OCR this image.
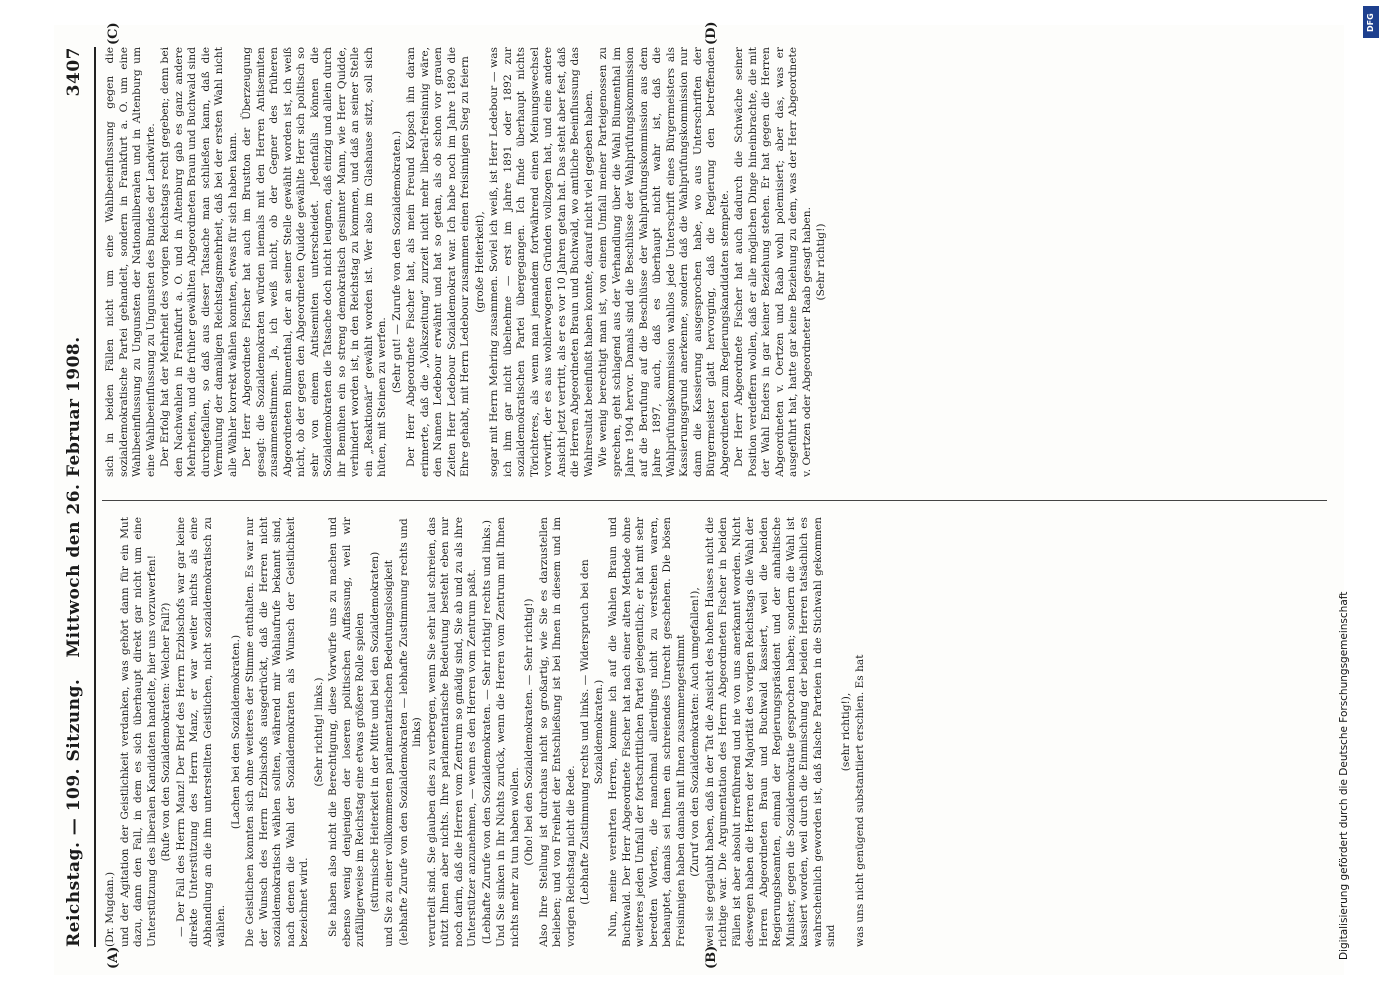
Reichstag. — 109. Sitzung.
Mittwoch den 26. Februar 1908.
3407
(A)	(B)
(C)	(D)

(Dr. Mugdan.) und der Agitation der Geistlichkeit verdanken, was gehört dann für ein Mut dazu, dann den Fall, in dem es sich überhaupt direkt gar nicht um eine Unterstützung des liberalen Kandidaten handelte, hier uns vorzuwerfen! (Rufe von den Sozialdemokraten: Welcher Fall?) — Der Fall des Herrn Manz! Der Brief des Herrn Erzbischofs war gar keine direkte Unterstützung des Herrn Manz, er war weiter nichts als eine Abhandlung an die ihm unterstellten Geistlichen, nicht sozialdemokratisch zu wählen.

(Lachen bei den Sozialdemokraten.) Die Geistlichen konnten sich ohne weiteres der Stimme enthalten. Es war nur der Wunsch des Herrn Erzbischofs ausgedrückt, daß die Herren nicht sozialdemokratisch wählen sollten, während mir Wahlaufrufe bekannt sind, nach denen die Wahl der Sozialdemokraten als Wunsch der Geistlichkeit bezeichnet wird.

(Sehr richtig! links.) Sie haben also nicht die Berechtigung, diese Vorwürfe uns zu machen und ebenso wenig denjenigen der loseren politischen Auffassung, weil wir zufälligerweise im Reichstag eine etwas größere Rolle spielen (stürmische Heiterkeit in der Mitte und bei den Sozialdemokraten) und Sie zu einer vollkommenen parlamentarischen Bedeutungslosigkeit (lebhafte Zurufe von den Sozialdemokraten — lebhafte Zustimmung rechts und links) verurteilt sind. Sie glauben dies zu verbergen, wenn Sie sehr laut schreien, das nützt Ihnen aber nichts. Ihre parlamentarische Bedeutung besteht eben nur noch darin, daß die Herren vom Zentrum so gnädig sind, Sie ab und zu als ihre Unterstützer anzunehmen, — wenn es den Herren vom Zentrum paßt. (Lebhafte Zurufe von den Sozialdemokraten. — Sehr richtig! rechts und links.) Und Sie sinken in Ihr Nichts zurück, wenn die Herren vom Zentrum mit Ihnen nichts mehr zu tun haben wollen. (Oho! bei den Sozialdemokraten. — Sehr richtig!) Also Ihre Stellung ist durchaus nicht so großartig, wie Sie es darzustellen belieben; und von Freiheit der Entschließung ist bei Ihnen in diesem und im vorigen Reichstag nicht die Rede. (Lebhafte Zustimmung rechts und links. — Widerspruch bei den Sozialdemokraten.) Nun, meine verehrten Herren, komme ich auf die Wahlen Braun und Buchwald. Der Herr Abgeordnete Fischer hat nach einer alten Methode ohne weiteres jeden Umfall der fortschrittlichen Partei gelegentlich; er hat mit sehr beredten Worten, die manchmal allerdings nicht zu verstehen waren, behauptet, damals sei Ihnen ein schreiendes Unrecht geschehen. Die bösen Freisinnigen haben damals mit Ihnen zusammengestimmt (Zuruf von den Sozialdemokraten: Auch umgefallen!), weil sie geglaubt haben, daß in der Tat die Ansicht des hohen Hauses nicht die richtige war. Die Argumentation des Herrn Abgeordneten Fischer in beiden Fällen ist aber absolut irreführend und nie von uns anerkannt worden. Nicht deswegen haben die Herren der Majorität des vorigen Reichstags die Wahl der Herren Abgeordneten Braun und Buchwald kassiert, weil die beiden Regierungsbeamten, einmal der Regierungspräsident und der anhaltische Minister, gegen die Sozialdemokratie gesprochen haben; sondern die Wahl ist kassiert worden, weil durch die Einmischung der beiden Herren tatsächlich es wahrscheinlich geworden ist, daß falsche Parteien in die Stichwahl gekommen sind

(sehr richtig!), was uns nicht genügend substantiiert erschien. Es hat

sich in beiden Fällen nicht um eine Wahlbeeinflussung gegen die sozialdemokratische Partei gehandelt, sondern in Frankfurt a. O. um eine Wahlbeeinflussung zu Ungunsten der Nationalliberalen und in Altenburg um eine Wahlbeeinflussung zu Ungunsten des Bundes der Landwirte. Der Erfolg hat der Mehrheit des vorigen Reichstags recht gegeben; denn bei den Nachwahlen in Frankfurt a. O. und in Altenburg gab es ganz andere Mehrheiten, und die früher gewählten Abgeordneten Braun und Buchwald sind durchgefallen, so daß aus dieser Tatsache man schließen kann, daß die Vermutung der damaligen Reichstagsmehrheit, daß bei der ersten Wahl nicht alle Wähler korrekt wählen konnten, etwas für sich haben kann. Der Herr Abgeordnete Fischer hat auch im Brustton der Überzeugung gesagt: die Sozialdemokraten würden niemals mit den Herren Antisemiten zusammenstimmen. Ja, ich weiß nicht, ob der Gegner des früheren Abgeordneten Blumenthal, der an seiner Stelle gewählt worden ist, ich weiß nicht, ob der gegen den Abgeordneten Quidde gewählte Herr sich politisch so sehr von einem Antisemiten unterscheidet. Jedenfalls können die Sozialdemokraten die Tatsache doch nicht leugnen, daß einzig und allein durch ihr Bemühen ein so streng demokratisch gesinnter Mann, wie Herr Quidde, verhindert worden ist, in den Reichstag zu kommen, und daß an seiner Stelle ein „Reaktionär“ gewählt worden ist. Wer also im Glashause sitzt, soll sich hüten, mit Steinen zu werfen.

(Sehr gut! — Zurufe von den Sozialdemokraten.) Der Herr Abgeordnete Fischer hat, als mein Freund Kopsch ihn daran erinnerte, daß die „Volkszeitung“ zurzeit nicht mehr liberal-freisinnig wäre, den Namen Ledebour erwähnt und hat so getan, als ob schon vor grauen Zeiten Herr Ledebour Sozialdemokrat war. Ich habe noch im Jahre 1890 die Ehre gehabt, mit Herrn Ledebour zusammen einen freisinnigen Sieg zu feiern (große Heiterkeit), sogar mit Herrn Mehring zusammen. Soviel ich weiß, ist Herr Ledebour — was ich ihm gar nicht übelnehme — erst im Jahre 1891 oder 1892 zur sozialdemokratischen Partei übergegangen. Ich finde überhaupt nichts Törichteres, als wenn man jemandem fortwährend einen Meinungswechsel vorwirft, der es aus wohlerwogenen Gründen vollzogen hat, und eine andere Ansicht jetzt vertritt, als er es vor 10 Jahren getan hat. Das steht aber fest, daß die Herren Abgeordneten Braun und Buchwald, wo amtliche Beeinflussung das Wahlresultat beeinflußt haben konnte, darauf nicht viel gegeben haben. Wie wenig berechtigt man ist, von einem Umfall meiner Parteigenossen zu sprechen, geht schlagend aus der Verhandlung über die Wahl Blumenthal im Jahre 1904 hervor. Damals sind die Beschlüsse der Wahlprüfungskommission auf die Berufung auf die Beschlüsse der Wahlprüfungskommission aus dem Jahre 1897, auch, daß es überhaupt nicht wahr ist, daß die Wahlprüfungskommission wahllos jede Unterschrift eines Bürgermeisters als Kassierungsgrund anerkenne, sondern daß die Wahlprüfungskommission nur dann die Kassierung ausgesprochen habe, wo aus Unterschriften der Bürgermeister glatt hervorging, daß die Regierung den betreffenden Abgeordneten zum Regierungskandidaten stempelte. Der Herr Abgeordnete Fischer hat auch dadurch die Schwäche seiner Position verdeffern wollen, daß er alle möglichen Dinge hineinbrachte, die mit der Wahl Enders in gar keiner Beziehung stehen. Er hat gegen die Herren Abgeordneten v. Oertzen und Raab wohl polemisiert; aber das, was er ausgeführt hat, hatte gar keine Beziehung zu dem, was der Herr Abgeordnete v. Oertzen oder Abgeordneter Raab gesagt haben. (Sehr richtig!)

Digitalisierung gefördert durch die Deutsche Forschungsgemeinschaft
DFG
